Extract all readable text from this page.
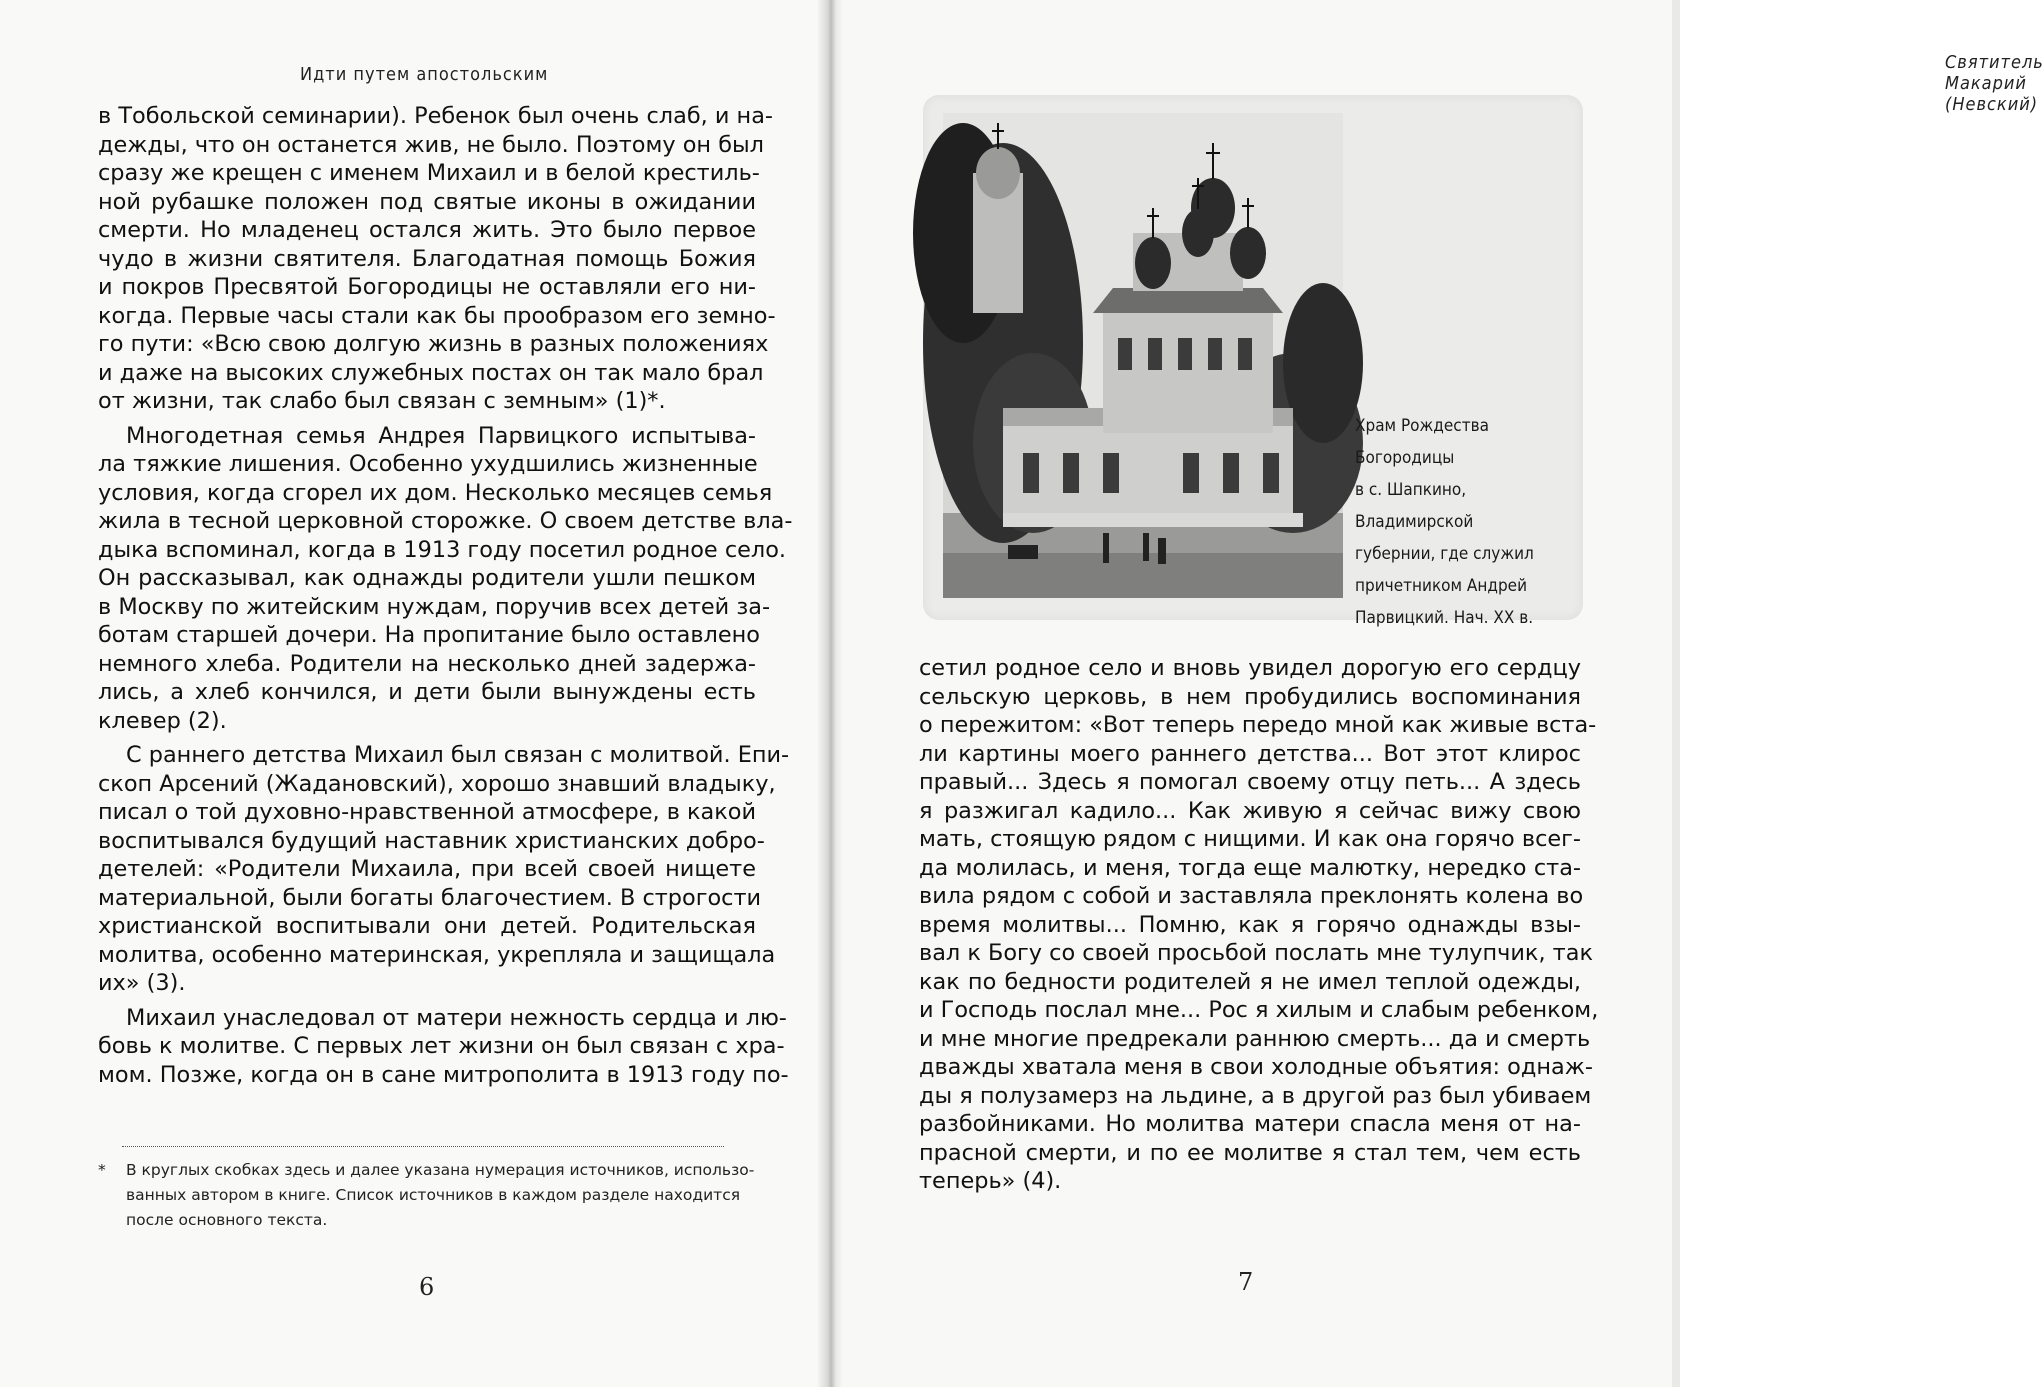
Идти путем апостольским
в Тобольской семинарии). Ребенок был очень слаб, и на-
дежды, что он останется жив, не было. Поэтому он был
сразу же крещен с именем Михаил и в белой крестиль-
ной рубашке положен под святые иконы в ожидании
смерти. Но младенец остался жить. Это было первое
чудо в жизни святителя. Благодатная помощь Божия
и покров Пресвятой Богородицы не оставляли его ни-
когда. Первые часы стали как бы прообразом его земно-
го пути: «Всю свою долгую жизнь в разных положениях
и даже на высоких служебных постах он так мало брал
от жизни, так слабо был связан с земным» (1)*.
Многодетная семья Андрея Парвицкого испытыва-
ла тяжкие лишения. Особенно ухудшились жизненные
условия, когда сгорел их дом. Несколько месяцев семья
жила в тесной церковной сторожке. О своем детстве вла-
дыка вспоминал, когда в 1913 году посетил родное село.
Он рассказывал, как однажды родители ушли пешком
в Москву по житейским нуждам, поручив всех детей за-
ботам старшей дочери. На пропитание было оставлено
немного хлеба. Родители на несколько дней задержа-
лись, а хлеб кончился, и дети были вынуждены есть
клевер (2).
С раннего детства Михаил был связан с молитвой. Епи-
скоп Арсений (Жадановский), хорошо знавший владыку,
писал о той духовно-нравственной атмосфере, в какой
воспитывался будущий наставник христианских добро-
детелей: «Родители Михаила, при всей своей нищете
материальной, были богаты благочестием. В строгости
христианской воспитывали они детей. Родительская
молитва, особенно материнская, укрепляла и защищала
их» (3).
Михаил унаследовал от матери нежность сердца и лю-
бовь к молитве. С первых лет жизни он был связан с хра-
мом. Позже, когда он в сане митрополита в 1913 году по-
*	В круглых скобках здесь и далее указана нумерация источников, использо-
ванных автором в книге. Список источников в каждом разделе находится
после основного текста.
6
Святитель Макарий (Невский)
Храм Рождества
Богородицы
в с. Шапкино,
Владимирской
губернии, где служил
причетником Андрей
Парвицкий. Нач. XX в.
сетил родное село и вновь увидел дорогую его сердцу
сельскую церковь, в нем пробудились воспоминания
о пережитом: «Вот теперь передо мной как живые вста-
ли картины моего раннего детства... Вот этот клирос
правый... Здесь я помогал своему отцу петь... А здесь
я разжигал кадило... Как живую я сейчас вижу свою
мать, стоящую рядом с нищими. И как она горячо всег-
да молилась, и меня, тогда еще малютку, нередко ста-
вила рядом с собой и заставляла преклонять колена во
время молитвы... Помню, как я горячо однажды взы-
вал к Богу со своей просьбой послать мне тулупчик, так
как по бедности родителей я не имел теплой одежды,
и Господь послал мне... Рос я хилым и слабым ребенком,
и мне многие предрекали раннюю смерть... да и смерть
дважды хватала меня в свои холодные объятия: однаж-
ды я полузамерз на льдине, а в другой раз был убиваем
разбойниками. Но молитва матери спасла меня от на-
прасной смерти, и по ее молитве я стал тем, чем есть
теперь» (4).
7
